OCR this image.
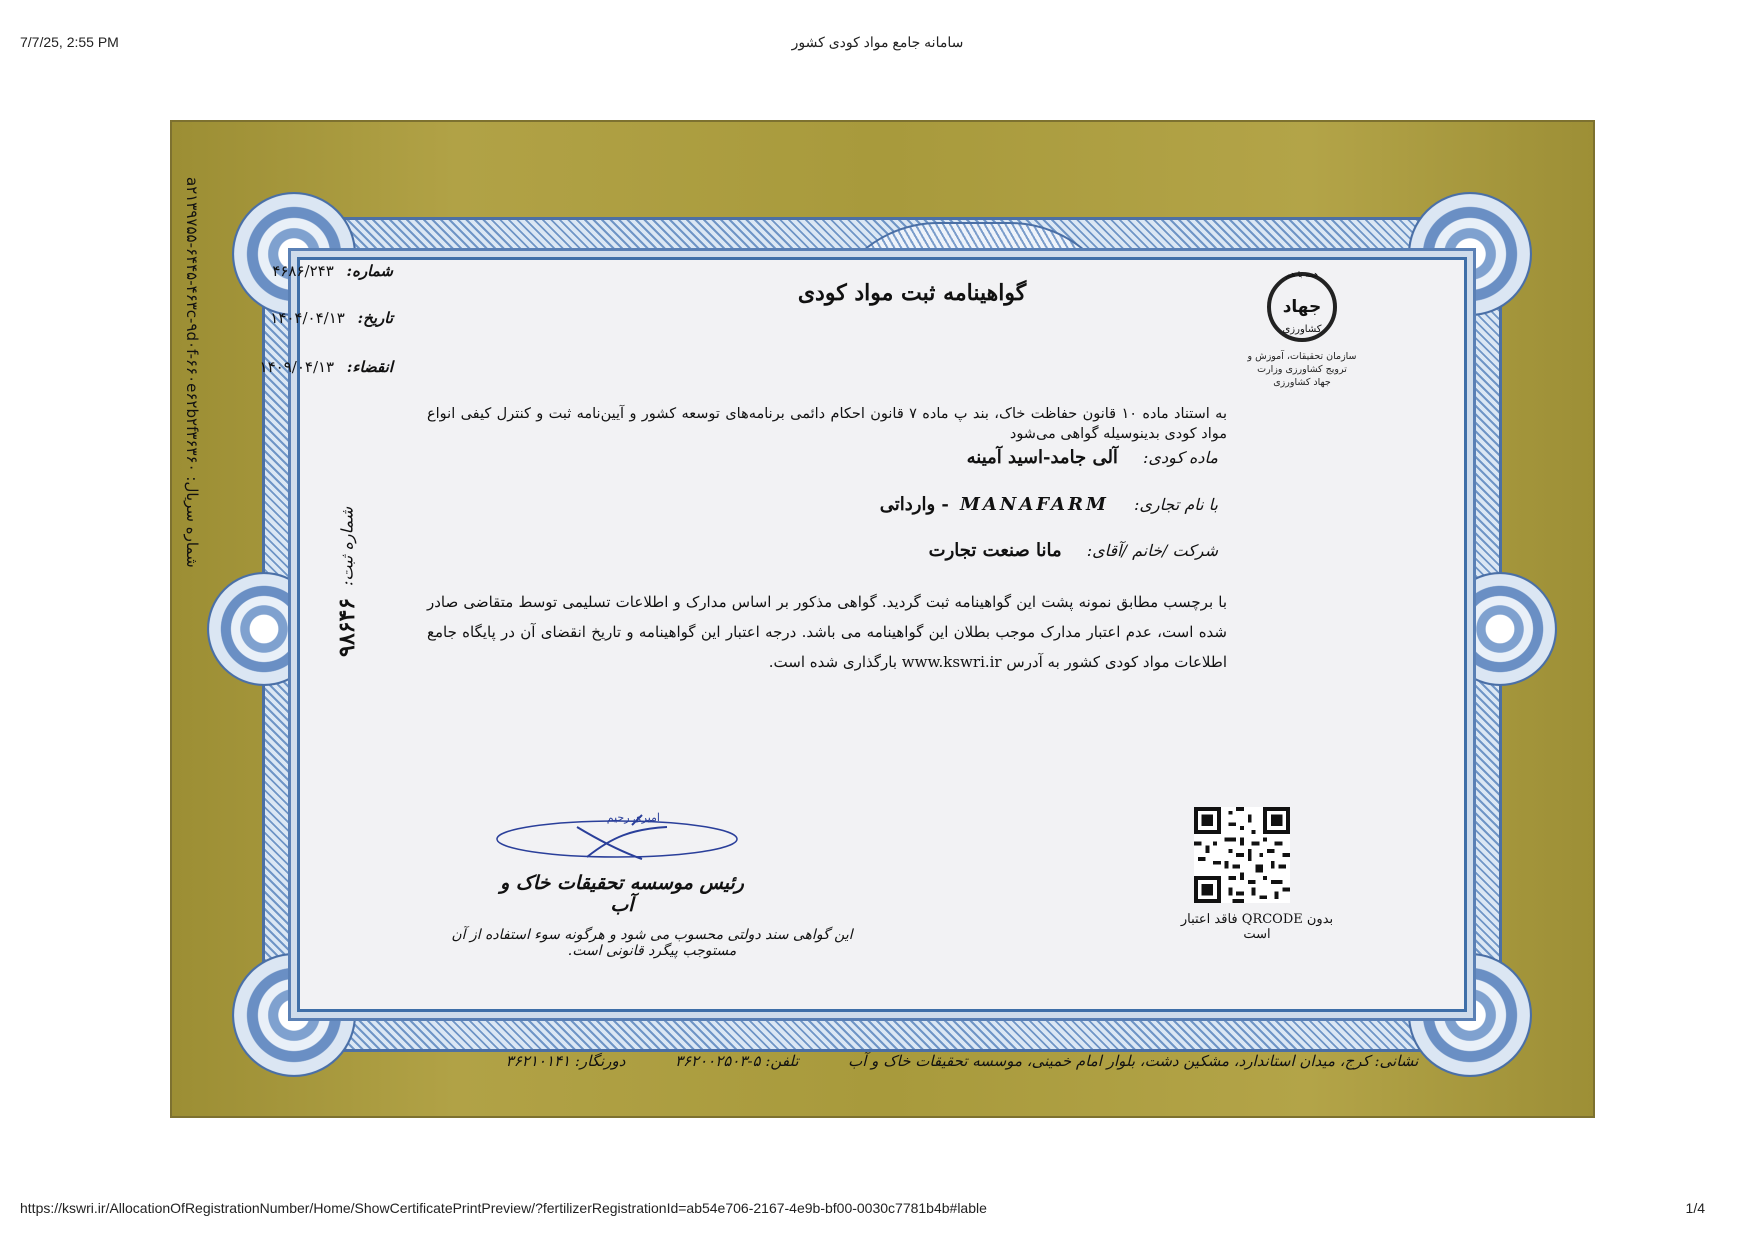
7/7/25, 2:55 PM	سامانه جامع مواد کودی کشور
شماره سریال: a۲۱۳۹۷۵۵-۶۴۴۵-۴۶۳c-۹d۰f-۶۶۰e۶۲b۲f۳۶۳۶۰
گواهینامه ثبت مواد کودی
شماره: ۴۶۸۶/۲۴۳
تاریخ: ۱۴۰۴/۰۴/۱۳
انقضاء: ۱۴۰۹/۰۴/۱۳
جهاد
همه با هم
کشاورزی
سازمان تحقیقات، آموزش و ترویج کشاورزی وزارت جهاد کشاورزی
به استناد ماده ۱۰ قانون حفاظت خاک، بند پ ماده ۷ قانون احکام دائمی برنامه‌های توسعه کشور و آیین‌نامه ثبت و کنترل کیفی انواع مواد کودی بدینوسیله گواهی می‌شود
ماده کودی: آلی جامد-اسید آمینه
با نام تجاری: MANAFARM - وارداتی
شرکت /خانم /آقای: مانا صنعت تجارت
با برچسب مطابق نمونه پشت این گواهینامه ثبت گردید. گواهی مذکور بر اساس مدارک و اطلاعات تسلیمی توسط متقاضی صادر شده است، عدم اعتبار مدارک موجب بطلان این گواهینامه می باشد. درجه اعتبار این گواهینامه و تاریخ انقضای آن در پایگاه جامع اطلاعات مواد کودی کشور به آدرس www.kswri.ir بارگذاری شده است.
شماره ثبت:
۹۸۶۴۶
امیری رحیم
رئیس موسسه تحقیقات خاک و آب
این گواهی سند دولتی محسوب می شود و هرگونه سوء استفاده از آن مستوجب پیگرد قانونی است.
بدون QRCODE فاقد اعتبار است
نشانی: کرج، میدان استاندارد، مشکین دشت، بلوار امام خمینی، موسسه تحقیقات خاک و آب  تلفن: ۵-۳۶۲۰۰۲۵۰۳  دورنگار: ۳۶۲۱۰۱۴۱
https://kswri.ir/AllocationOfRegistrationNumber/Home/ShowCertificatePrintPreview/?fertilizerRegistrationId=ab54e706-2167-4e9b-bf00-0030c7781b4b#lable	1/4
